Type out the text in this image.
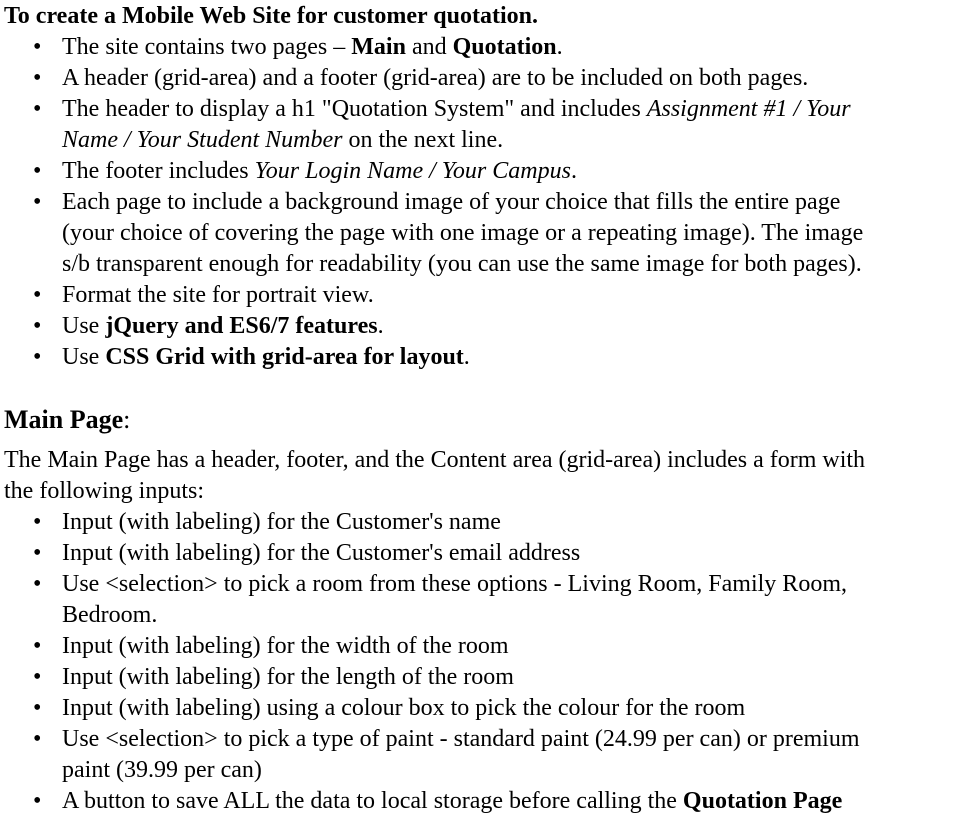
To create a Mobile Web Site for customer quotation.
• The site contains two pages – Main and Quotation.
• A header (grid-area) and a footer (grid-area) are to be included on both pages.
• The header to display a h1 "Quotation System" and includes Assignment #1 / Your
Name / Your Student Number on the next line.
• The footer includes Your Login Name / Your Campus.
• Each page to include a background image of your choice that fills the entire page
(your choice of covering the page with one image or a repeating image). The image
s/b transparent enough for readability (you can use the same image for both pages).
• Format the site for portrait view.
• Use jQuery and ES6/7 features.
• Use CSS Grid with grid-area for layout.
Main Page:
The Main Page has a header, footer, and the Content area (grid-area) includes a form with
the following inputs:
• Input (with labeling) for the Customer's name
• Input (with labeling) for the Customer's email address
• Use <selection> to pick a room from these options - Living Room, Family Room,
Bedroom.
• Input (with labeling) for the width of the room
• Input (with labeling) for the length of the room
• Input (with labeling) using a colour box to pick the colour for the room
• Use <selection> to pick a type of paint - standard paint (24.99 per can) or premium
paint (39.99 per can)
• A button to save ALL the data to local storage before calling the Quotation Page
